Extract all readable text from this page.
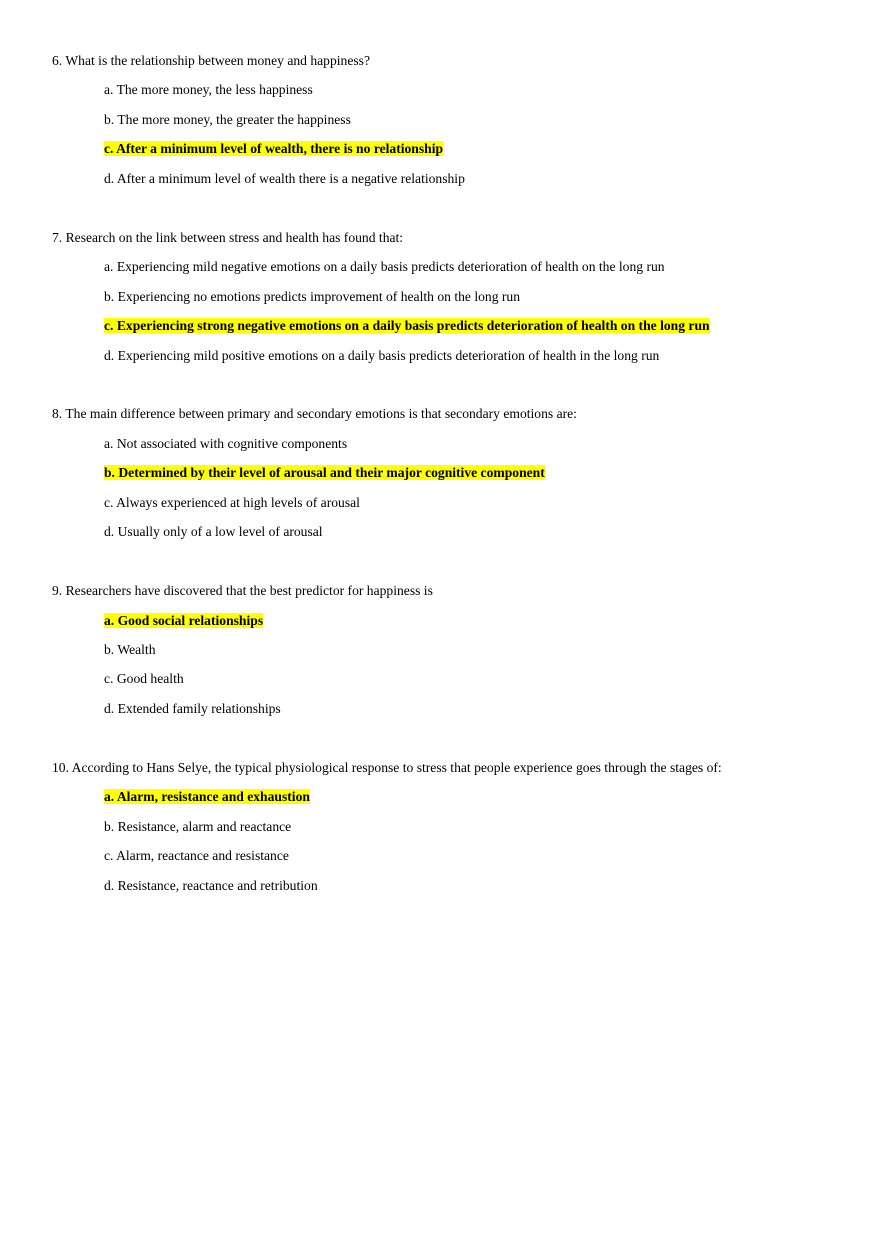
6. What is the relationship between money and happiness?

a. The more money, the less happiness

b. The more money, the greater the happiness

c. After a minimum level of wealth, there is no relationship

d. After a minimum level of wealth there is a negative relationship

7. Research on the link between stress and health has found that:

a. Experiencing mild negative emotions on a daily basis predicts deterioration of health on the long run

b. Experiencing no emotions predicts improvement of health on the long run

c. Experiencing strong negative emotions on a daily basis predicts deterioration of health on the long run

d. Experiencing mild positive emotions on a daily basis predicts deterioration of health in the long run

8. The main difference between primary and secondary emotions is that secondary emotions are:

a. Not associated with cognitive components

b. Determined by their level of arousal and their major cognitive component

c. Always experienced at high levels of arousal

d. Usually only of a low level of arousal

9. Researchers have discovered that the best predictor for happiness is

a. Good social relationships

b. Wealth

c. Good health

d. Extended family relationships

10. According to Hans Selye, the typical physiological response to stress that people experience goes through the stages of:

a. Alarm, resistance and exhaustion

b. Resistance, alarm and reactance

c. Alarm, reactance and resistance

d. Resistance, reactance and retribution
